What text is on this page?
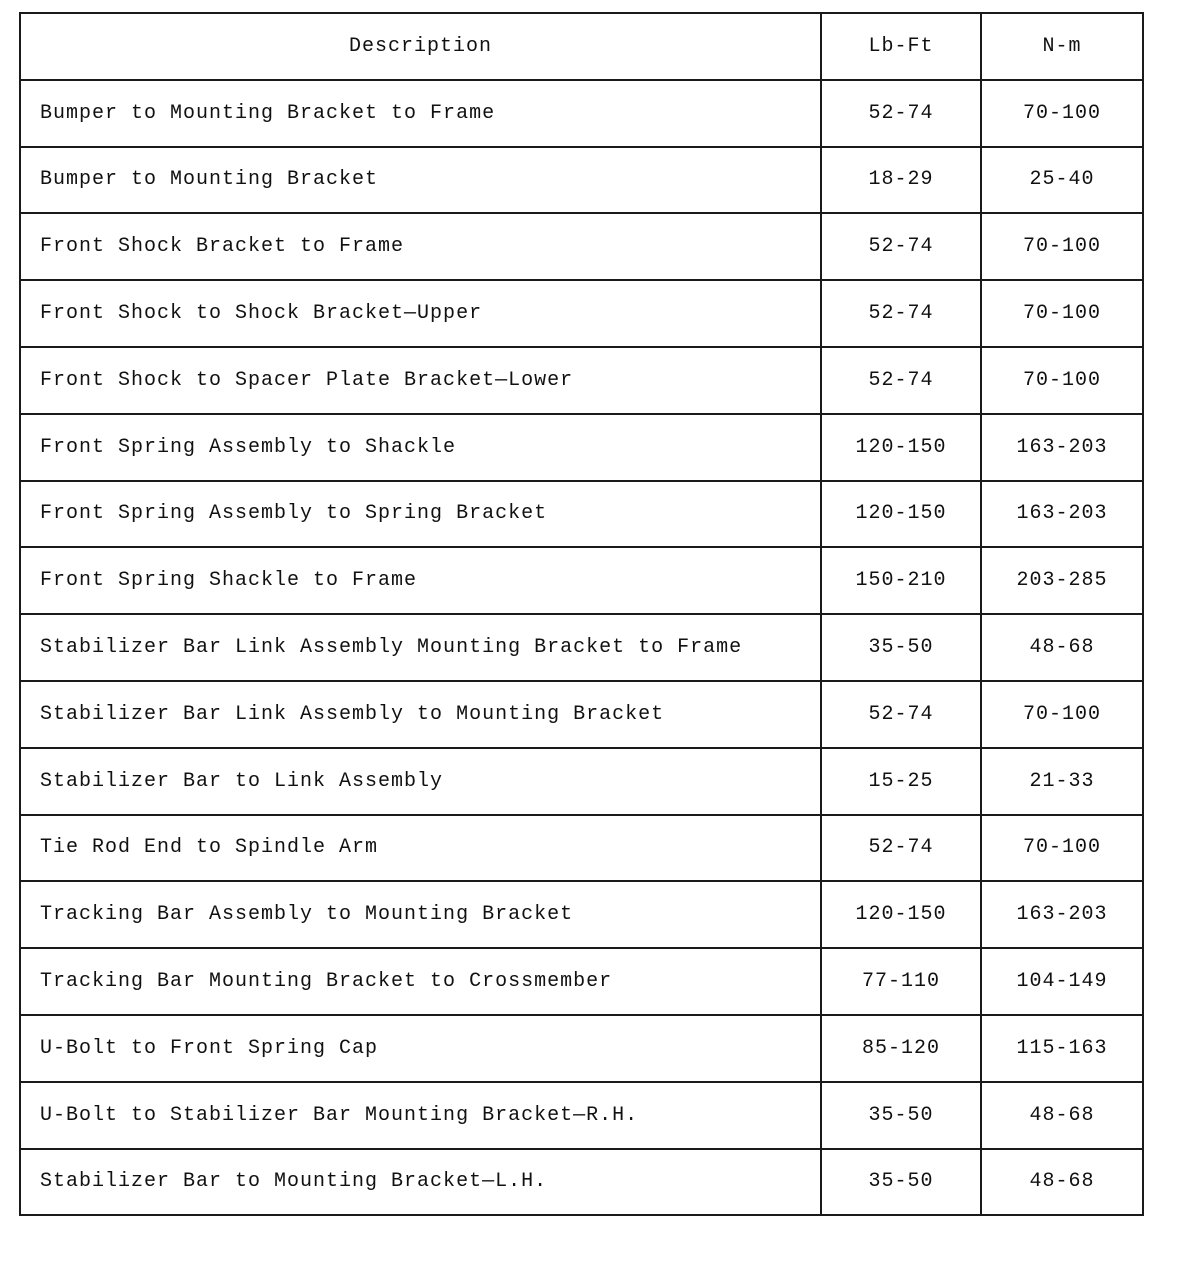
Description	Lb-Ft	N-m
Bumper to Mounting Bracket to Frame	52-74	70-100
Bumper to Mounting Bracket	18-29	25-40
Front Shock Bracket to Frame	52-74	70-100
Front Shock to Shock Bracket—Upper	52-74	70-100
Front Shock to Spacer Plate Bracket—Lower	52-74	70-100
Front Spring Assembly to Shackle	120-150	163-203
Front Spring Assembly to Spring Bracket	120-150	163-203
Front Spring Shackle to Frame	150-210	203-285
Stabilizer Bar Link Assembly Mounting Bracket to Frame	35-50	48-68
Stabilizer Bar Link Assembly to Mounting Bracket	52-74	70-100
Stabilizer Bar to Link Assembly	15-25	21-33
Tie Rod End to Spindle Arm	52-74	70-100
Tracking Bar Assembly to Mounting Bracket	120-150	163-203
Tracking Bar Mounting Bracket to Crossmember	77-110	104-149
U-Bolt to Front Spring Cap	85-120	115-163
U-Bolt to Stabilizer Bar Mounting Bracket—R.H.	35-50	48-68
Stabilizer Bar to Mounting Bracket—L.H.	35-50	48-68
